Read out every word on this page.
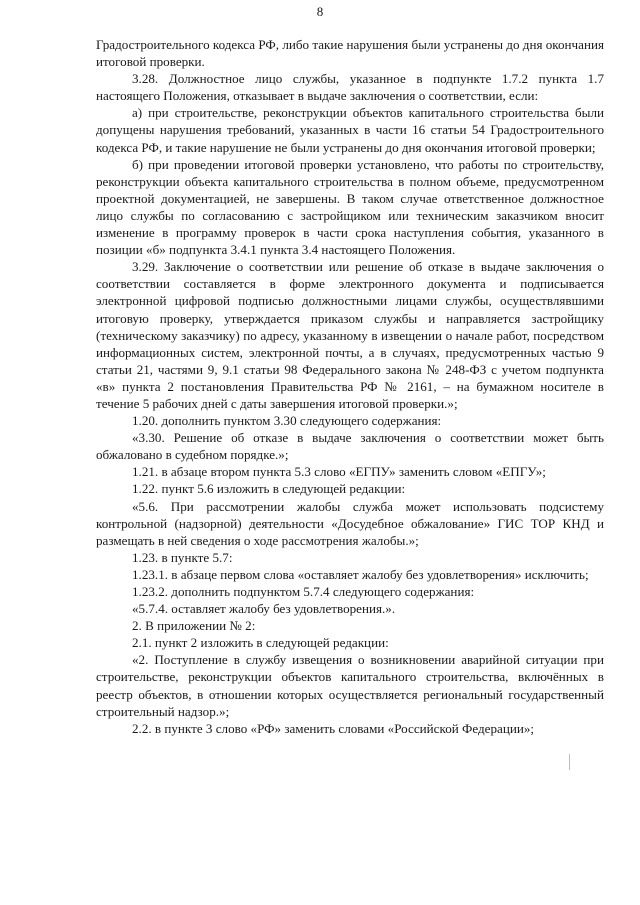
8

Градостроительного кодекса РФ, либо такие нарушения были устранены до дня окончания итоговой проверки.

3.28. Должностное лицо службы, указанное в подпункте 1.7.2 пункта 1.7 настоящего Положения, отказывает в выдаче заключения о соответствии, если:

а) при строительстве, реконструкции объектов капитального строительства были допущены нарушения требований, указанных в части 16 статьи 54 Градостроительного кодекса РФ, и такие нарушение не были устранены до дня окончания итоговой проверки;

б) при проведении итоговой проверки установлено, что работы по строительству, реконструкции объекта капитального строительства в полном объеме, предусмотренном проектной документацией, не завершены. В таком случае ответственное должностное лицо службы по согласованию с застройщиком или техническим заказчиком вносит изменение в программу проверок в части срока наступления события, указанного в позиции «б» подпункта 3.4.1 пункта 3.4 настоящего Положения.

3.29. Заключение о соответствии или решение об отказе в выдаче заключения о соответствии составляется в форме электронного документа и подписывается электронной цифровой подписью должностными лицами службы, осуществлявшими итоговую проверку, утверждается приказом службы и направляется застройщику (техническому заказчику) по адресу, указанному в извещении о начале работ, посредством информационных систем, электронной почты, а в случаях, предусмотренных частью 9 статьи 21, частями 9, 9.1 статьи 98 Федерального закона № 248-ФЗ с учетом подпункта «в» пункта 2 постановления Правительства РФ № 2161, – на бумажном носителе в течение 5 рабочих дней с даты завершения итоговой проверки.»;

1.20. дополнить пунктом 3.30 следующего содержания:

«3.30. Решение об отказе в выдаче заключения о соответствии может быть обжаловано в судебном порядке.»;

1.21. в абзаце втором пункта 5.3 слово «ЕГПУ» заменить словом «ЕПГУ»;

1.22. пункт 5.6 изложить в следующей редакции:

«5.6. При рассмотрении жалобы служба может использовать подсистему контрольной (надзорной) деятельности «Досудебное обжалование» ГИС ТОР КНД и размещать в ней сведения о ходе рассмотрения жалобы.»;

1.23. в пункте 5.7:

1.23.1. в абзаце первом слова «оставляет жалобу без удовлетворения» исключить;

1.23.2. дополнить подпунктом 5.7.4 следующего содержания:

«5.7.4. оставляет жалобу без удовлетворения.».

2. В приложении № 2:

2.1. пункт 2 изложить в следующей редакции:

«2. Поступление в службу извещения о возникновении аварийной ситуации при строительстве, реконструкции объектов капитального строительства, включённых в реестр объектов, в отношении которых осуществляется региональный государственный строительный надзор.»;

2.2. в пункте 3 слово «РФ» заменить словами «Российской Федерации»;
